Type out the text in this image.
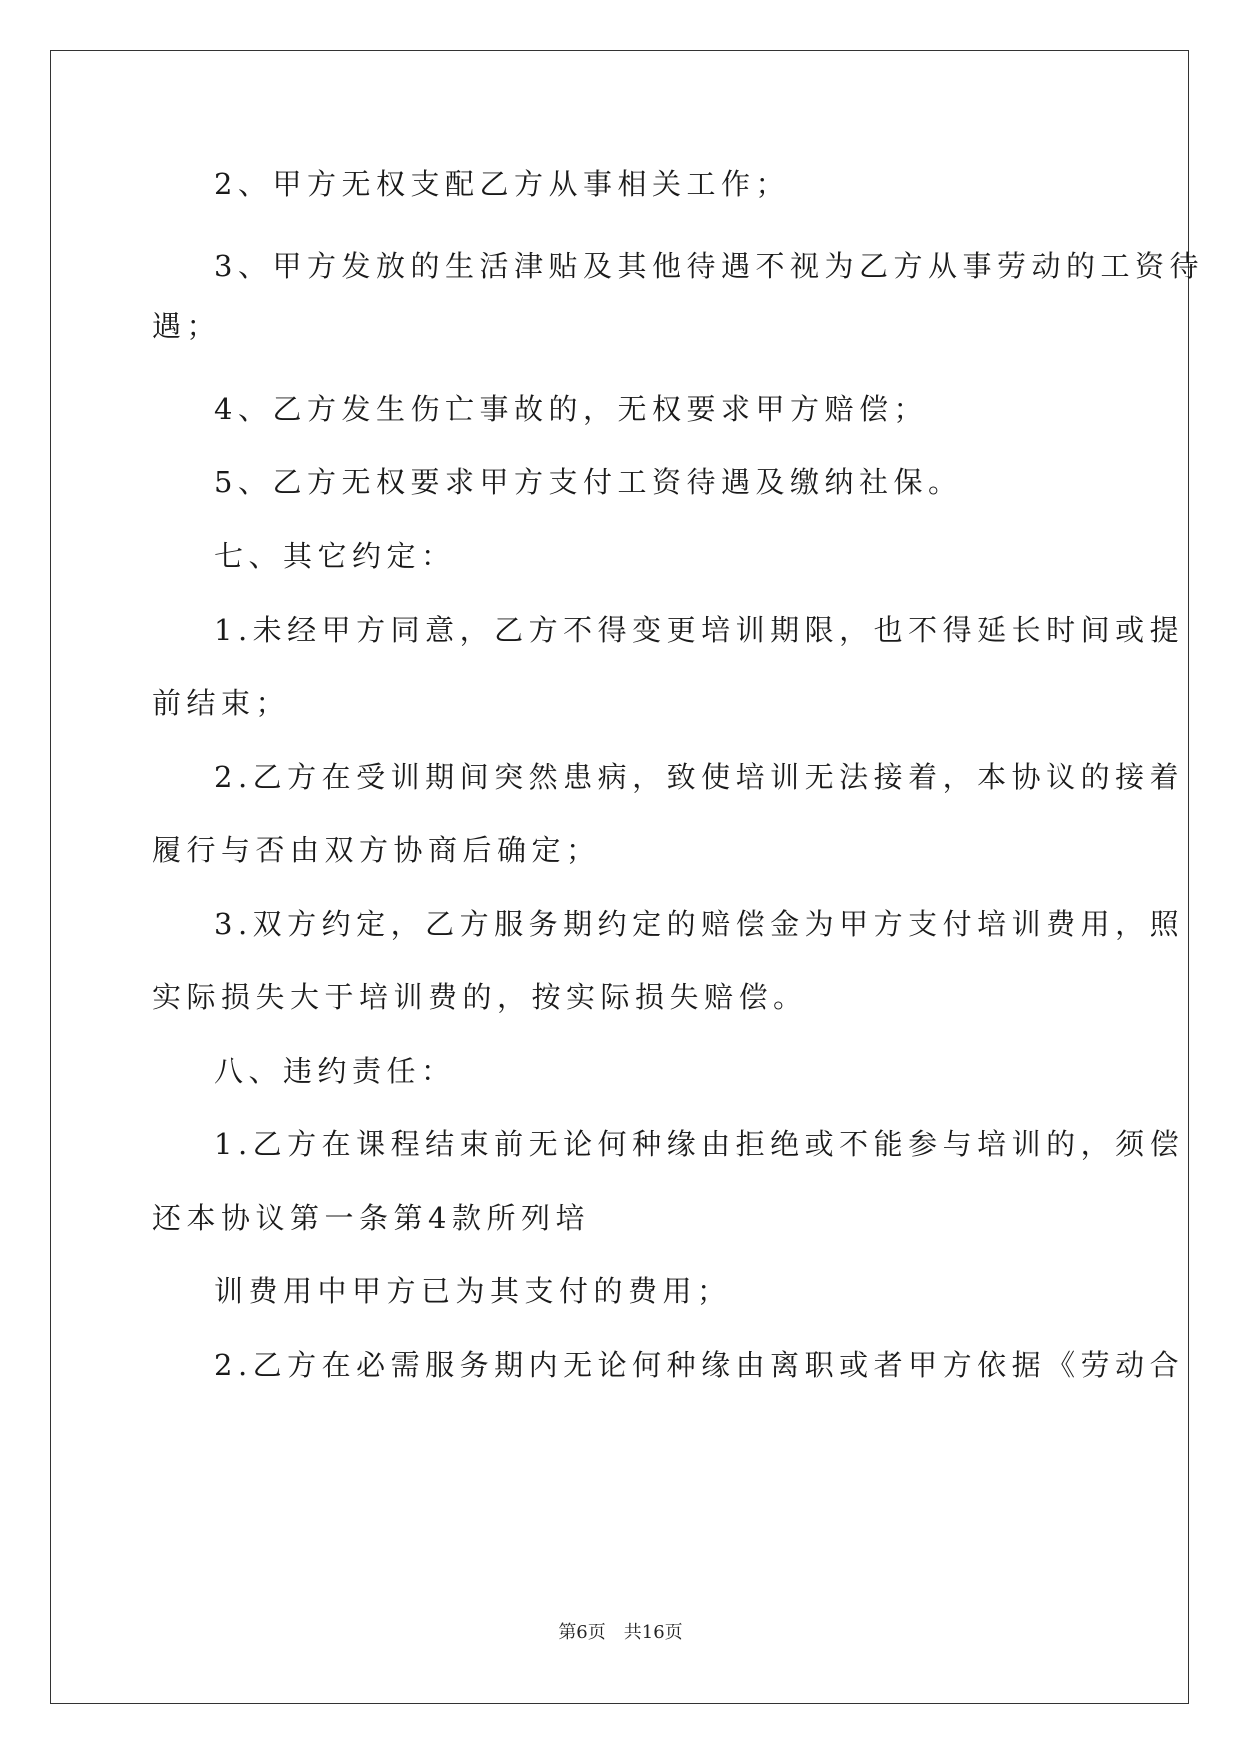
2、甲方无权支配乙方从事相关工作；
3、甲方发放的生活津贴及其他待遇不视为乙方从事劳动的工资待
遇；
4、乙方发生伤亡事故的，无权要求甲方赔偿；
5、乙方无权要求甲方支付工资待遇及缴纳社保。
七、其它约定：
1.未经甲方同意，乙方不得变更培训期限，也不得延长时间或提
前结束；
2.乙方在受训期间突然患病，致使培训无法接着，本协议的接着
履行与否由双方协商后确定；
3.双方约定，乙方服务期约定的赔偿金为甲方支付培训费用，照
实际损失大于培训费的，按实际损失赔偿。
八、违约责任：
1.乙方在课程结束前无论何种缘由拒绝或不能参与培训的，须偿
还本协议第一条第4款所列培
训费用中甲方已为其支付的费用；
2.乙方在必需服务期内无论何种缘由离职或者甲方依据《劳动合
第6页　共16页
